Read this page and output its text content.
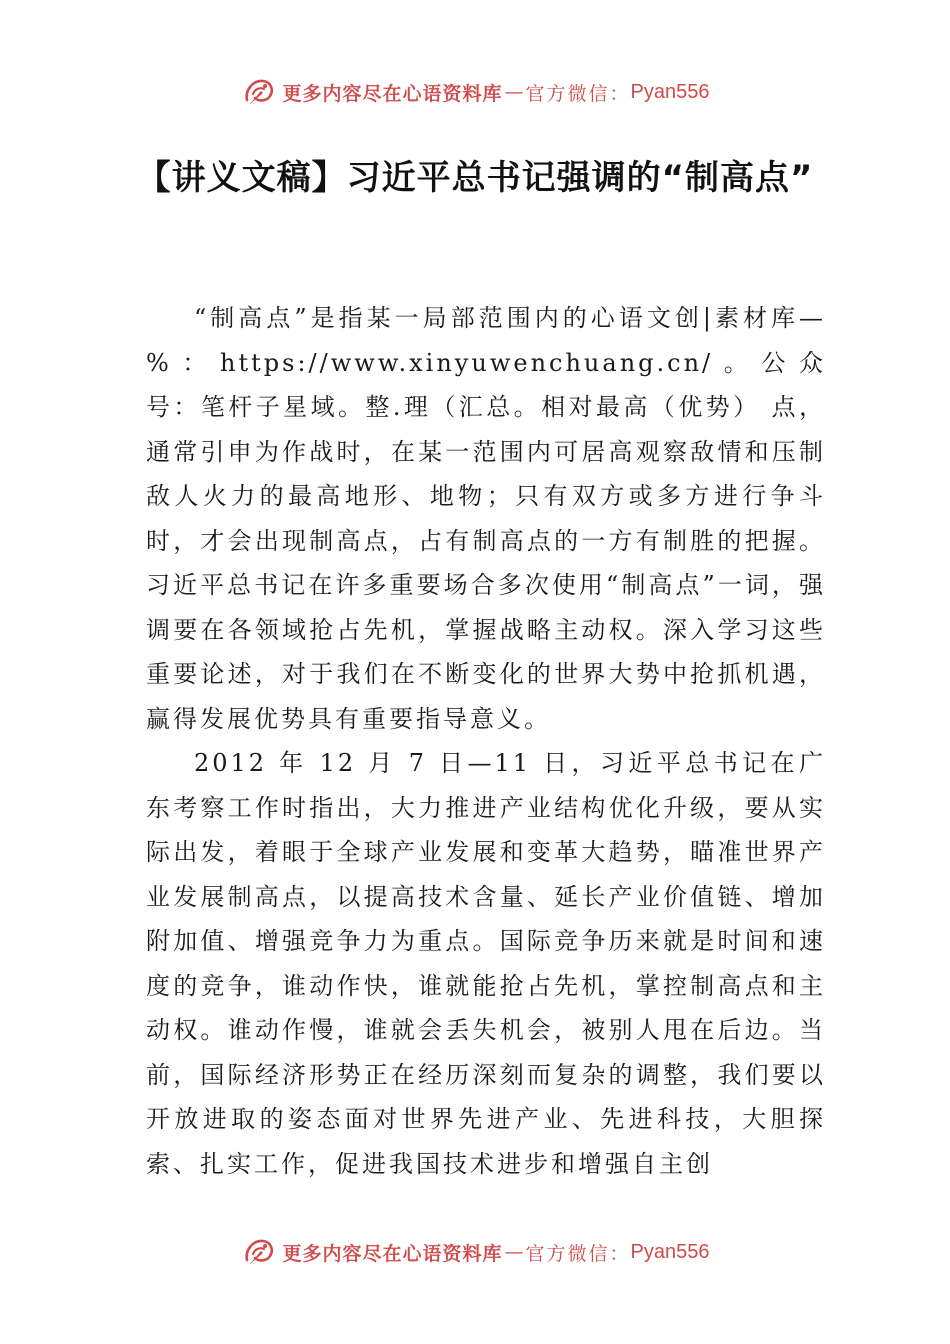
更多内容尽在心语资料库 — 官方微信： Pyan556
【讲义文稿】习近平总书记强调的“制高点”

“制高点”是指某一局部范围内的心语文创|素材库—%：https://www.xinyuwenchuang.cn/。公众号：笔杆子星域。整.理（汇总。相对最高（优势） 点，通常引申为作战时，在某一范围内可居高观察敌情和压制敌人火力的最高地形、地物；只有双方或多方进行争斗时，才会出现制高点，占有制高点的一方有制胜的把握。习近平总书记在许多重要场合多次使用“制高点”一词，强调要在各领域抢占先机，掌握战略主动权。深入学习这些重要论述，对于我们在不断变化的世界大势中抢抓机遇，赢得发展优势具有重要指导意义。

2012 年 12 月 7 日—11 日，习近平总书记在广东考察工作时指出，大力推进产业结构优化升级，要从实际出发，着眼于全球产业发展和变革大趋势，瞄准世界产业发展制高点，以提高技术含量、延长产业价值链、增加附加值、增强竞争力为重点。国际竞争历来就是时间和速度的竞争，谁动作快，谁就能抢占先机，掌控制高点和主动权。谁动作慢，谁就会丢失机会，被别人甩在后边。当前，国际经济形势正在经历深刻而复杂的调整，我们要以开放进取的姿态面对世界先进产业、先进科技，大胆探索、扎实工作，促进我国技术进步和增强自主创

更多内容尽在心语资料库 — 官方微信： Pyan556
